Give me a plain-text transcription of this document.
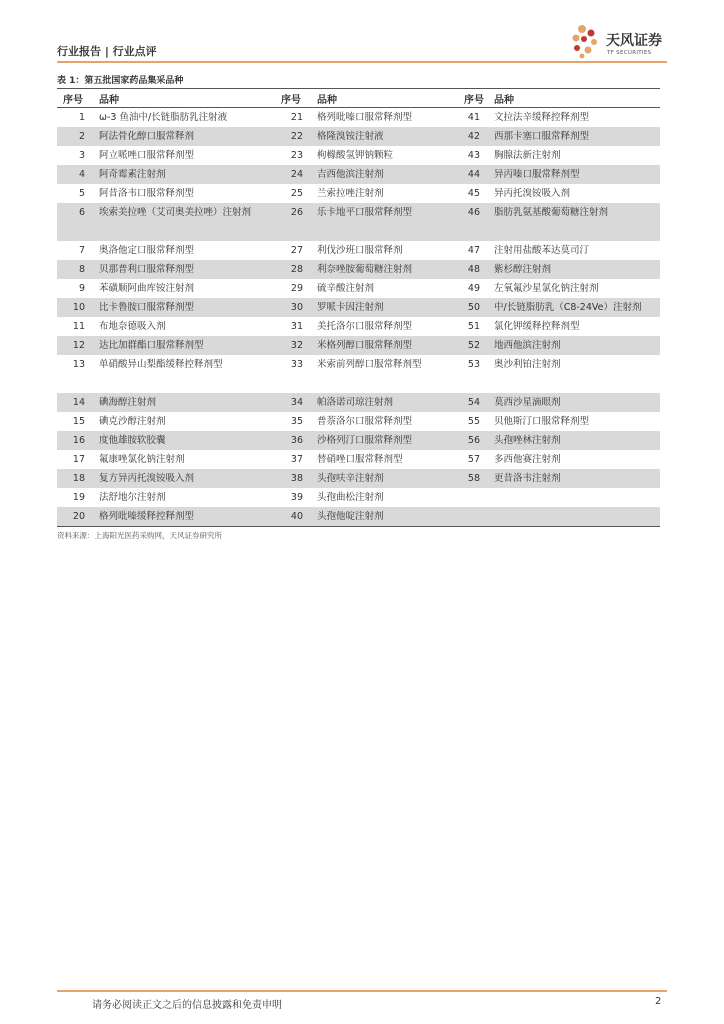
行业报告 | 行业点评
天风证券
TF SECURITIES
表 1：第五批国家药品集采品种
序号	品种	序号	品种	序号	品种
1	ω-3 鱼油中/长链脂肪乳注射液	21	格列吡嗪口服常释剂型	41	文拉法辛缓释控释剂型
2	阿法骨化醇口服常释剂	22	格隆溴铵注射液	42	西那卡塞口服常释剂型
3	阿立哌唑口服常释剂型	23	枸橼酸氢钾钠颗粒	43	胸腺法新注射剂
4	阿奇霉素注射剂	24	吉西他滨注射剂	44	异丙嗪口服常释剂型
5	阿昔洛韦口服常释剂型	25	兰索拉唑注射剂	45	异丙托溴铵吸入剂
6	埃索美拉唑（艾司奥美拉唑）注射剂	26	乐卡地平口服常释剂型	46	脂肪乳氨基酸葡萄糖注射剂
7	奥洛他定口服常释剂型	27	利伐沙班口服常释剂	47	注射用盐酸苯达莫司汀
8	贝那普利口服常释剂型	28	利奈唑胺葡萄糖注射剂	48	紫杉醇注射剂
9	苯磺顺阿曲库铵注射剂	29	硫辛酸注射剂	49	左氧氟沙星氯化钠注射剂
10	比卡鲁胺口服常释剂型	30	罗哌卡因注射剂	50	中/长链脂肪乳（C8-24Ve）注射剂
11	布地奈德吸入剂	31	美托洛尔口服常释剂型	51	氯化钾缓释控释剂型
12	达比加群酯口服常释剂型	32	米格列醇口服常释剂型	52	地西他滨注射剂
13	单硝酸异山梨酯缓释控释剂型	33	米索前列醇口服常释剂型	53	奥沙利铂注射剂
14	碘海醇注射剂	34	帕洛诺司琼注射剂	54	莫西沙星滴眼剂
15	碘克沙醇注射剂	35	普萘洛尔口服常释剂型	55	贝他斯汀口服常释剂型
16	度他雄胺软胶囊	36	沙格列汀口服常释剂型	56	头孢唑林注射剂
17	氟康唑氯化钠注射剂	37	替硝唑口服常释剂型	57	多西他赛注射剂
18	复方异丙托溴铵吸入剂	38	头孢呋辛注射剂	58	更昔洛韦注射剂
19	法舒地尔注射剂	39	头孢曲松注射剂		
20	格列吡嗪缓释控释剂型	40	头孢他啶注射剂		
资料来源：上海阳光医药采购网，天风证券研究所
请务必阅读正文之后的信息披露和免责申明	2
